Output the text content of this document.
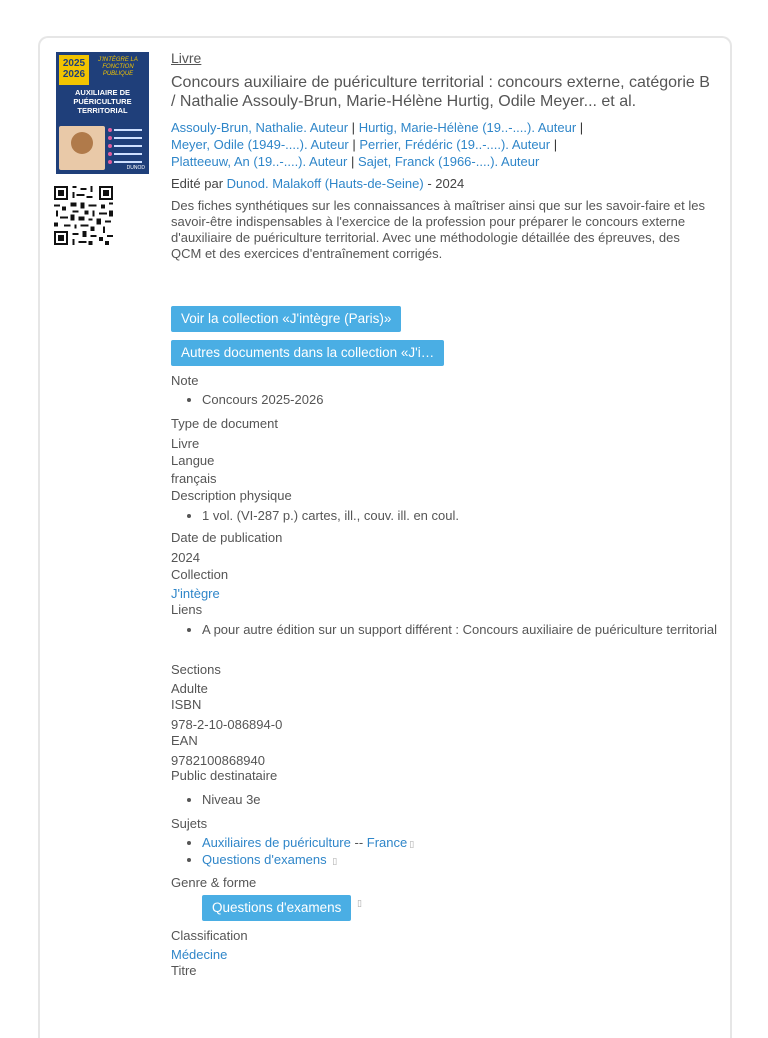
2025
2026
J'INTÈGRE LA FONCTION PUBLIQUE
AUXILIAIRE DE PUÉRICULTURE TERRITORIAL
DUNOD
Livre
Concours auxiliaire de puériculture territorial : concours externe, catégorie B / Nathalie Assouly-Brun, Marie-Hélène Hurtig, Odile Meyer... et al.
Assouly-Brun, Nathalie. Auteur | Hurtig, Marie-Hélène (19..-....). Auteur |
Meyer, Odile (1949-....). Auteur | Perrier, Frédéric (19..-....). Auteur |
Platteeuw, An (19..-....). Auteur | Sajet, Franck (1966-....). Auteur
Edité par Dunod. Malakoff (Hauts-de-Seine) - 2024
Des fiches synthétiques sur les connaissances à maîtriser ainsi que sur les savoir-faire et les savoir-être indispensables à l'exercice de la profession pour préparer le concours externe d'auxiliaire de puériculture territorial. Avec une méthodologie détaillée des épreuves, des QCM et des exercices d'entraînement corrigés.
Voir la collection «J'intègre (Paris)»
Autres documents dans la collection «J'i…
Note
• Concours 2025-2026
Type de document
Livre
Langue
français
Description physique
• 1 vol. (VI-287 p.) cartes, ill., couv. ill. en coul.
Date de publication
2024
Collection
J'intègre
Liens
• A pour autre édition sur un support différent : Concours auxiliaire de puériculture territorial
Sections
Adulte
ISBN
978-2-10-086894-0
EAN
9782100868940
Public destinataire
• Niveau 3e
Sujets
• Auxiliaires de puériculture -- France ▯
• Questions d'examens ▯
Genre & forme
Questions d'examens ▯
Classification
Médecine
Titre
